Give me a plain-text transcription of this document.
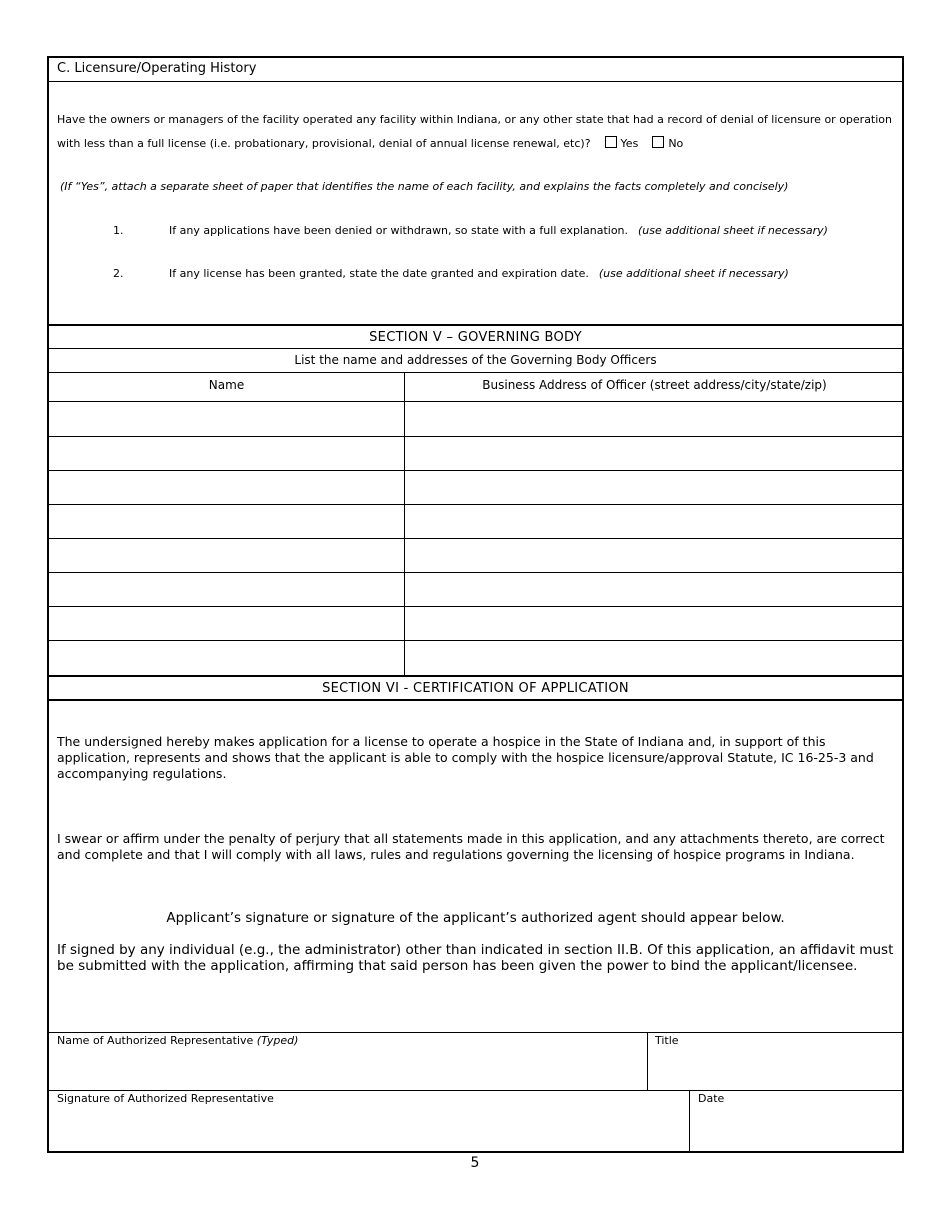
C. Licensure/Operating History
Have the owners or managers of the facility operated any facility within Indiana, or any other state that had a record of denial of licensure or operation with less than a full license (i.e. probationary, provisional, denial of annual license renewal, etc)?	Yes	No
(If “Yes”, attach a separate sheet of paper that identifies the name of each facility, and explains the facts completely and concisely)
1.	If any applications have been denied or withdrawn, so state with a full explanation. (use additional sheet if necessary)
2.	If any license has been granted, state the date granted and expiration date. (use additional sheet if necessary)
SECTION V – GOVERNING BODY
List the name and addresses of the Governing Body Officers
Name	Business Address of Officer (street address/city/state/zip)
SECTION VI - CERTIFICATION OF APPLICATION
The undersigned hereby makes application for a license to operate a hospice in the State of Indiana and, in support of this application, represents and shows that the applicant is able to comply with the hospice licensure/approval Statute, IC 16-25-3 and accompanying regulations.
I swear or affirm under the penalty of perjury that all statements made in this application, and any attachments thereto, are correct and complete and that I will comply with all laws, rules and regulations governing the licensing of hospice programs in Indiana.
Applicant’s signature or signature of the applicant’s authorized agent should appear below.
If signed by any individual (e.g., the administrator) other than indicated in section II.B. Of this application, an affidavit must be submitted with the application, affirming that said person has been given the power to bind the applicant/licensee.
Name of Authorized Representative (Typed)	Title
Signature of Authorized Representative	Date
5
